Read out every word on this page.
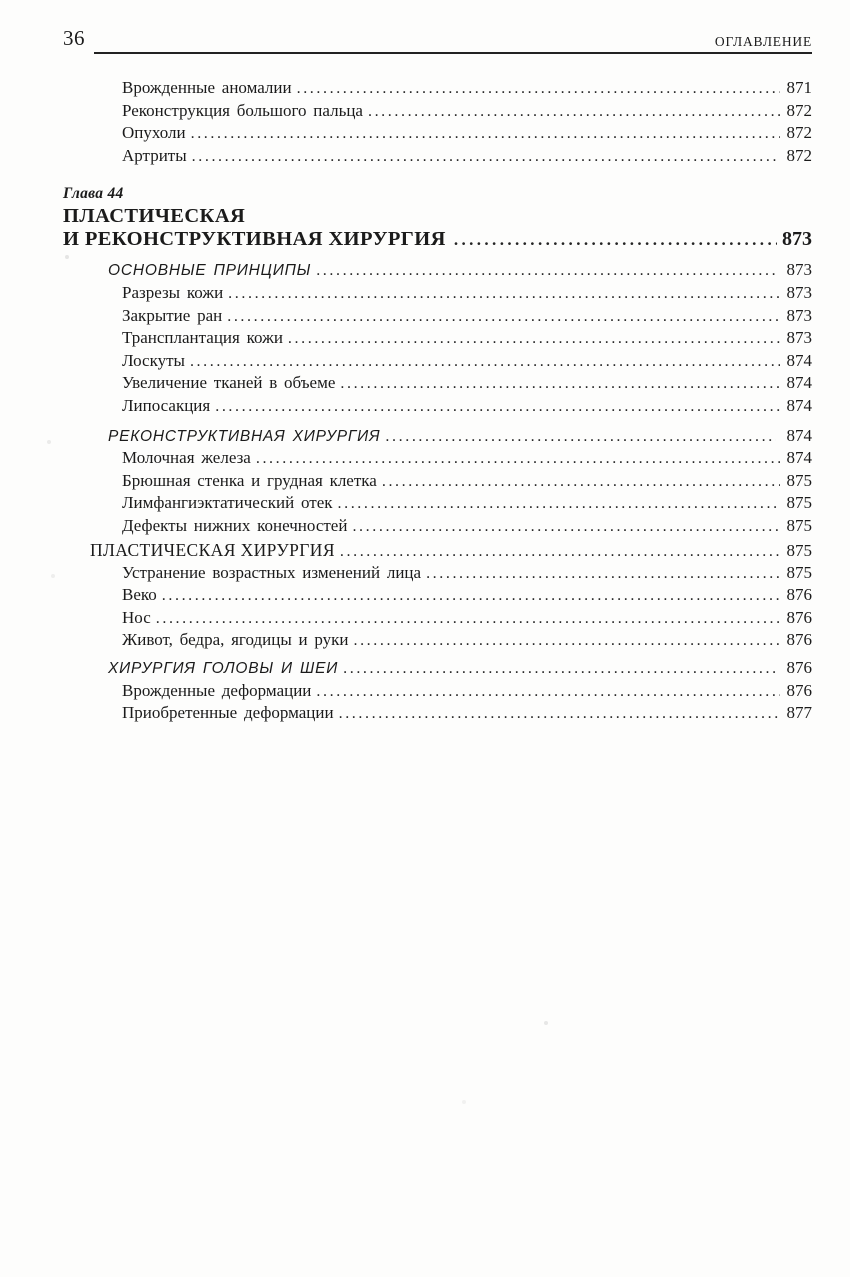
36	ОГЛАВЛЕНИЕ
Врожденные аномалии .....	871
Реконструкция большого пальца .....	872
Опухоли .....	872
Артриты .....	872
Глава 44
ПЛАСТИЧЕСКАЯ
И РЕКОНСТРУКТИВНАЯ ХИРУРГИЯ .....	873
ОСНОВНЫЕ ПРИНЦИПЫ .....	873
Разрезы кожи .....	873
Закрытие ран .....	873
Трансплантация кожи .....	873
Лоскуты .....	874
Увеличение тканей в объеме .....	874
Липосакция .....	874
РЕКОНСТРУКТИВНАЯ ХИРУРГИЯ .....	874
Молочная железа .....	874
Брюшная стенка и грудная клетка .....	875
Лимфангиэктатический отек .....	875
Дефекты нижних конечностей .....	875
ПЛАСТИЧЕСКАЯ ХИРУРГИЯ .....	875
Устранение возрастных изменений лица .....	875
Веко .....	876
Нос .....	876
Живот, бедра, ягодицы и руки .....	876
ХИРУРГИЯ ГОЛОВЫ И ШЕИ .....	876
Врожденные деформации .....	876
Приобретенные деформации .....	877
